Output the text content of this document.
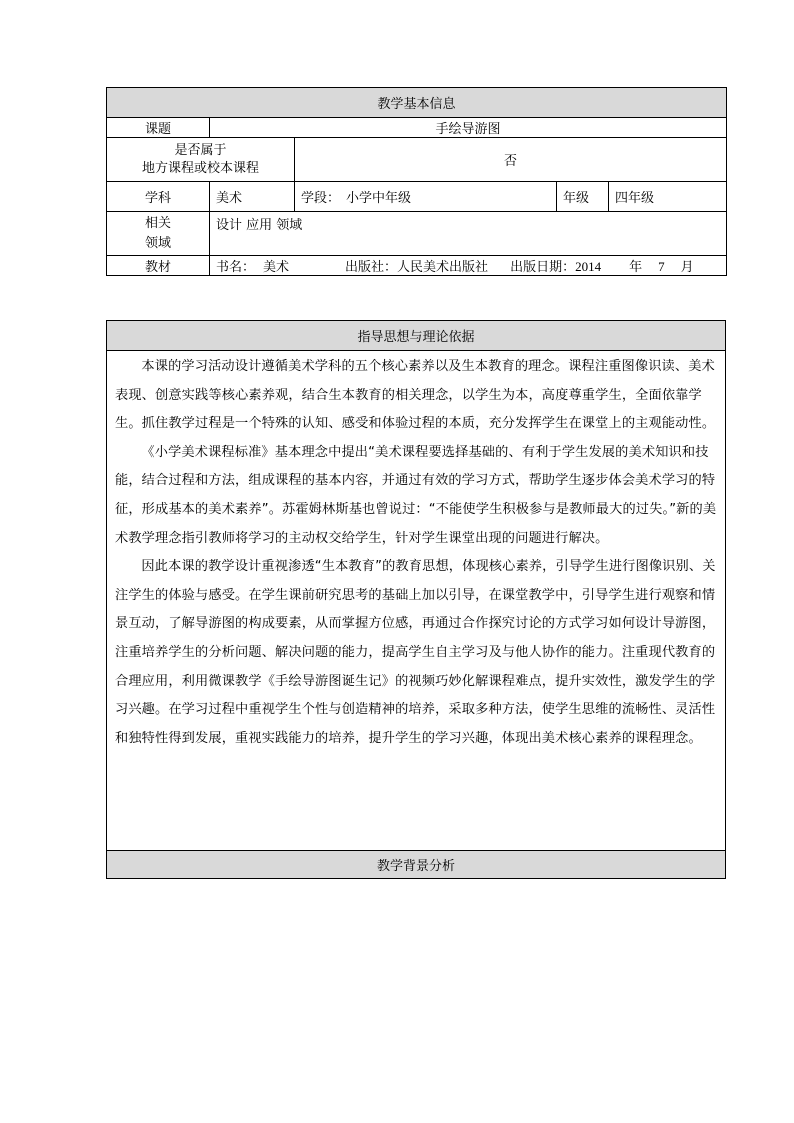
教学基本信息				
课题	手绘导游图			

是否属于
地方课程或校本课程		否		
学科	美术	学段： 小学中年级	年级	四年级

相关
领域	设计 应用 领域			
教材	书名： 美术 出版社：人民美术出版社 出版日期：2014 年 7 月			
指导思想与理论依据

本课的学习活动设计遵循美术学科的五个核心素养以及生本教育的理念。课程注重图像识读、美术表现、创意实践等核心素养观，结合生本教育的相关理念，以学生为本，高度尊重学生，全面依靠学生。抓住教学过程是一个特殊的认知、感受和体验过程的本质，充分发挥学生在课堂上的主观能动性。

《小学美术课程标准》基本理念中提出“美术课程要选择基础的、有利于学生发展的美术知识和技能，结合过程和方法，组成课程的基本内容，并通过有效的学习方式，帮助学生逐步体会美术学习的特征，形成基本的美术素养”。苏霍姆林斯基也曾说过：“不能使学生积极参与是教师最大的过失。”新的美术教学理念指引教师将学习的主动权交给学生，针对学生课堂出现的问题进行解决。

因此本课的教学设计重视渗透“生本教育”的教育思想，体现核心素养，引导学生进行图像识别、关注学生的体验与感受。在学生课前研究思考的基础上加以引导，在课堂教学中，引导学生进行观察和情景互动，了解导游图的构成要素，从而掌握方位感，再通过合作探究讨论的方式学习如何设计导游图，注重培养学生的分析问题、解决问题的能力，提高学生自主学习及与他人协作的能力。注重现代教育的合理应用，利用微课教学《手绘导游图诞生记》的视频巧妙化解课程难点，提升实效性，激发学生的学习兴趣。在学习过程中重视学生个性与创造精神的培养，采取多种方法，使学生思维的流畅性、灵活性和独特性得到发展，重视实践能力的培养，提升学生的学习兴趣，体现出美术核心素养的课程理念。

教学背景分析
